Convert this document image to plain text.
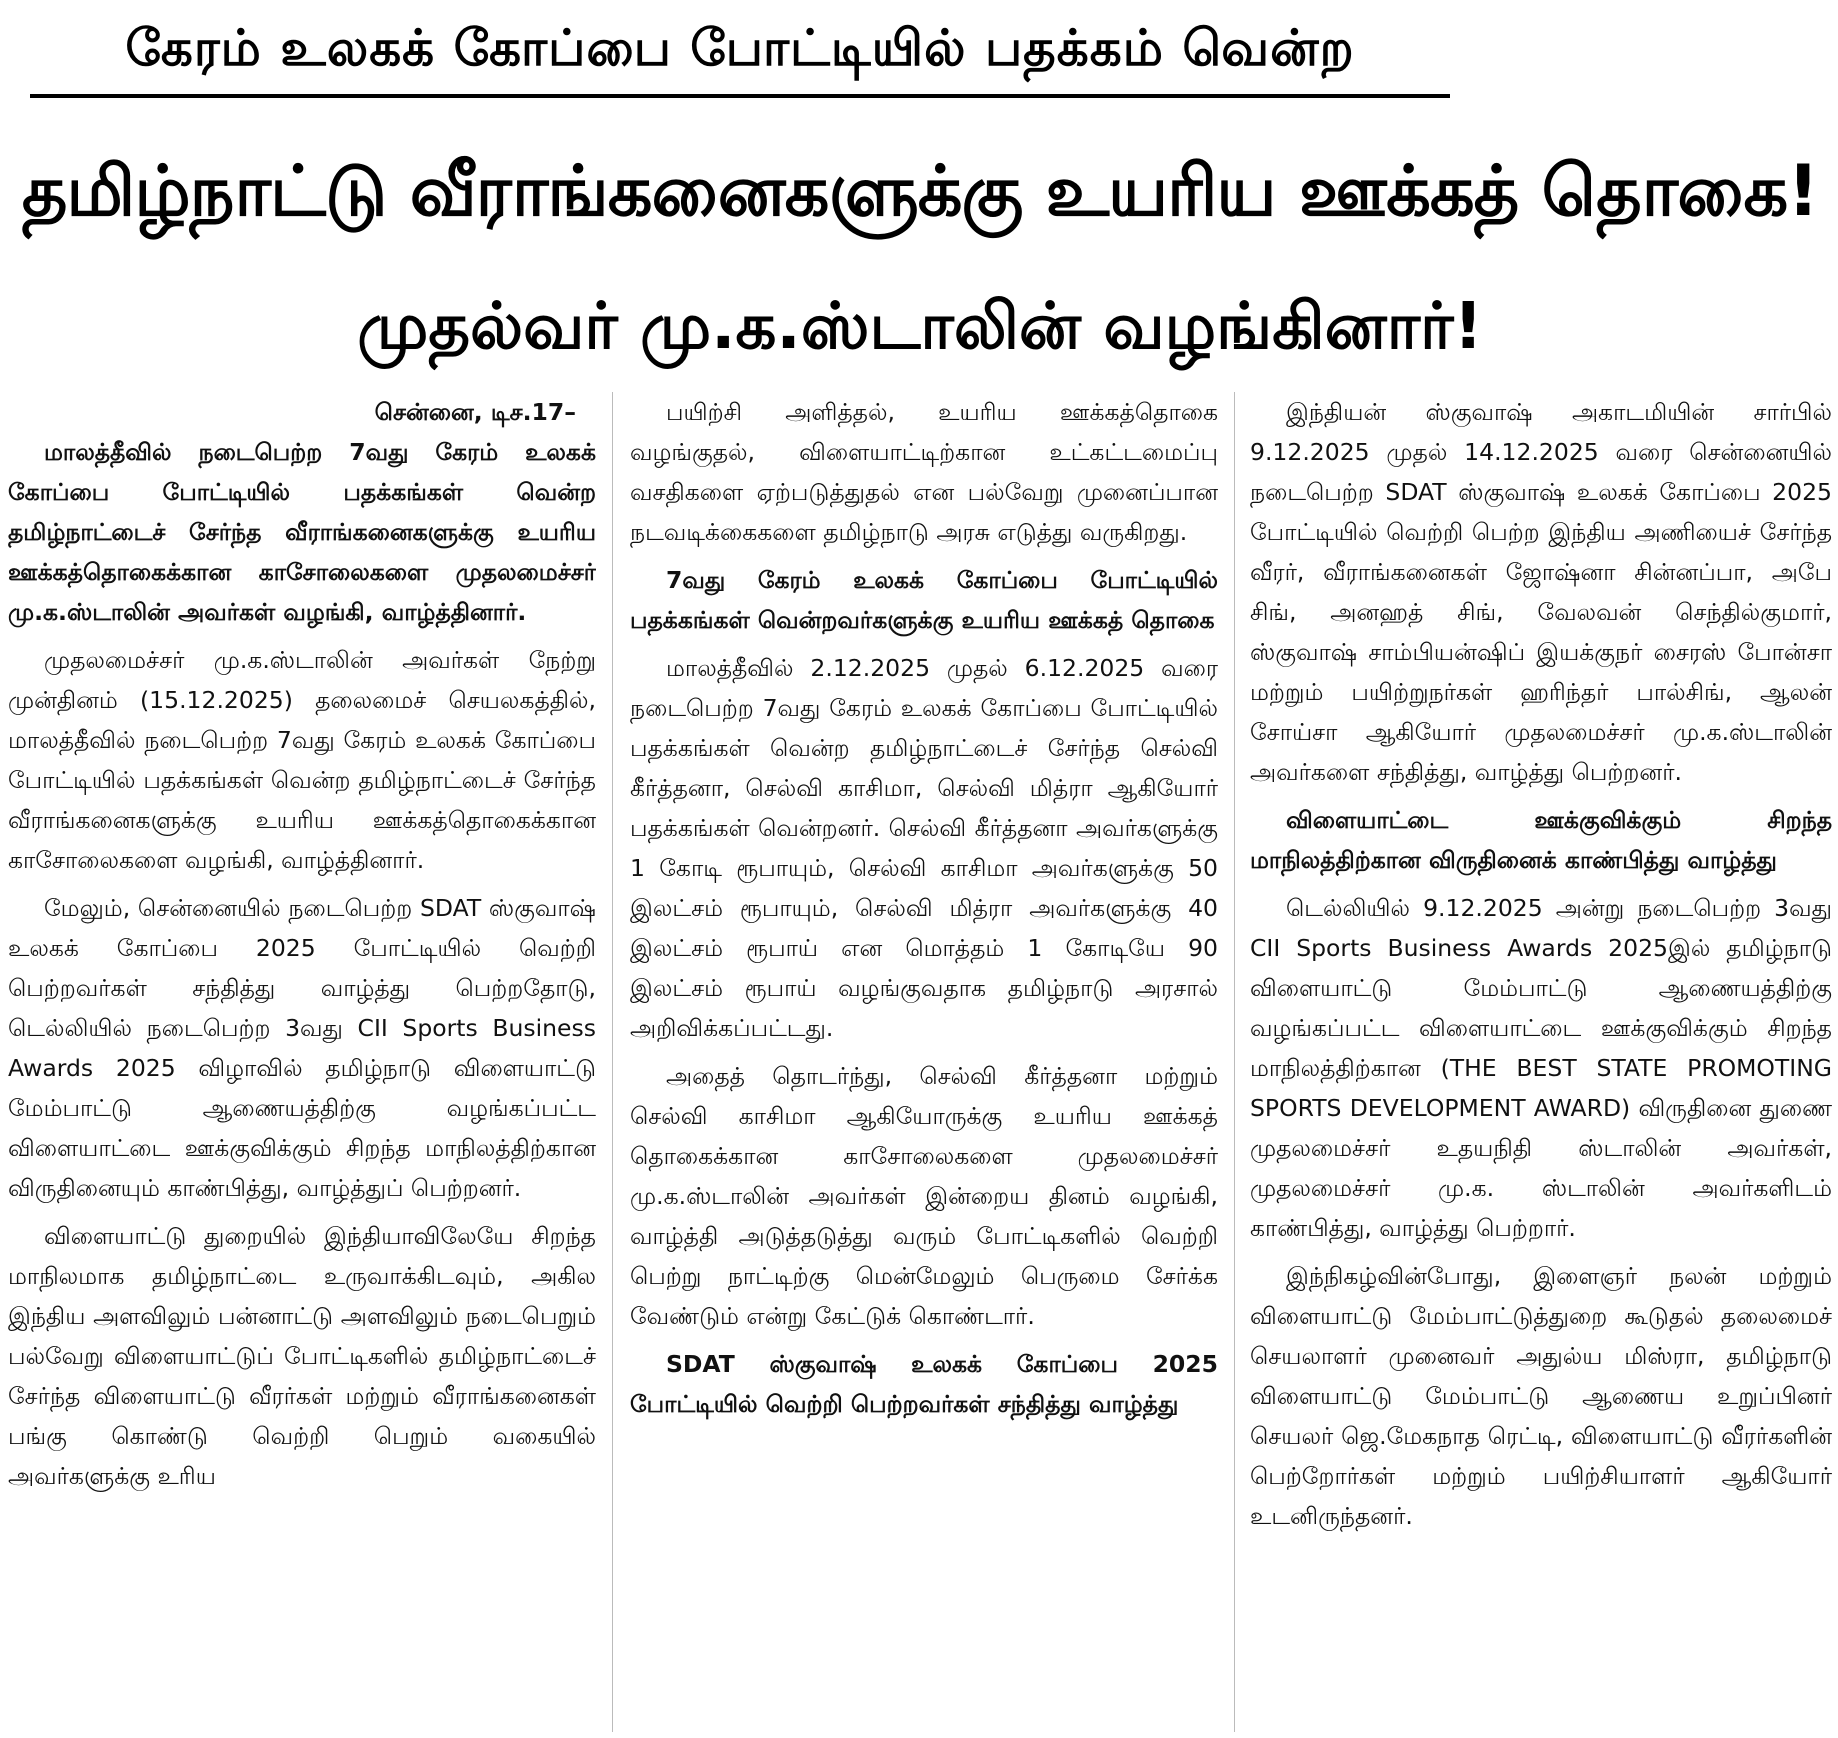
கேரம் உலகக் கோப்பை போட்டியில் பதக்கம் வென்ற
தமிழ்நாட்டு வீராங்கனைகளுக்கு உயரிய ஊக்கத் தொகை!
முதல்வர் மு.க.ஸ்டாலின் வழங்கினார்!

சென்னை, டிச.17–

மாலத்தீவில் நடைபெற்ற 7வது கேரம் உலகக் கோப்பை போட்டியில் பதக்கங்கள் வென்ற தமிழ்நாட்டைச் சேர்ந்த வீராங்கனைகளுக்கு உயரிய ஊக்கத்தொகைக்கான காசோலைகளை முதலமைச்சர் மு.க.ஸ்டாலின் அவர்கள் வழங்கி, வாழ்த்தினார்.

முதலமைச்சர் மு.க.ஸ்டாலின் அவர்கள் நேற்று முன்தினம் (15.12.2025) தலைமைச் செயலகத்தில், மாலத்தீவில் நடைபெற்ற 7வது கேரம் உலகக் கோப்பை போட்டியில் பதக்கங்கள் வென்ற தமிழ்நாட்டைச் சேர்ந்த வீராங்கனைகளுக்கு உயரிய ஊக்கத்தொகைக்கான காசோலைகளை வழங்கி, வாழ்த்தினார்.

மேலும், சென்னையில் நடைபெற்ற SDAT ஸ்குவாஷ் உலகக் கோப்பை 2025 போட்டியில் வெற்றி பெற்றவர்கள் சந்தித்து வாழ்த்து பெற்றதோடு, டெல்லியில் நடைபெற்ற 3வது CII Sports Business Awards 2025 விழாவில் தமிழ்நாடு விளையாட்டு மேம்பாட்டு ஆணையத்திற்கு வழங்கப்பட்ட விளையாட்டை ஊக்குவிக்கும் சிறந்த மாநிலத்திற்கான விருதினையும் காண்பித்து, வாழ்த்துப் பெற்றனர்.

விளையாட்டு துறையில் இந்தியாவிலேயே சிறந்த மாநிலமாக தமிழ்நாட்டை உருவாக்கிடவும், அகில இந்திய அளவிலும் பன்னாட்டு அளவிலும் நடைபெறும் பல்வேறு விளையாட்டுப் போட்டிகளில் தமிழ்நாட்டைச் சேர்ந்த விளையாட்டு வீரர்கள் மற்றும் வீராங்கனைகள் பங்கு கொண்டு வெற்றி பெறும் வகையில் அவர்களுக்கு உரிய

பயிற்சி அளித்தல், உயரிய ஊக்கத்தொகை வழங்குதல், விளையாட்டிற்கான உட்கட்டமைப்பு வசதிகளை ஏற்படுத்துதல் என பல்வேறு முனைப்பான நடவடிக்கைகளை தமிழ்நாடு அரசு எடுத்து வருகிறது.

7வது கேரம் உலகக் கோப்பை போட்டியில் பதக்கங்கள் வென்றவர்களுக்கு உயரிய ஊக்கத் தொகை

மாலத்தீவில் 2.12.2025 முதல் 6.12.2025 வரை நடைபெற்ற 7வது கேரம் உலகக் கோப்பை போட்டியில் பதக்கங்கள் வென்ற தமிழ்நாட்டைச் சேர்ந்த செல்வி கீர்த்தனா, செல்வி காசிமா, செல்வி மித்ரா ஆகியோர் பதக்கங்கள் வென்றனர். செல்வி கீர்த்தனா அவர்களுக்கு 1 கோடி ரூபாயும், செல்வி காசிமா அவர்களுக்கு 50 இலட்சம் ரூபாயும், செல்வி மித்ரா அவர்களுக்கு 40 இலட்சம் ரூபாய் என மொத்தம் 1 கோடியே 90 இலட்சம் ரூபாய் வழங்குவதாக தமிழ்நாடு அரசால் அறிவிக்கப்பட்டது.

அதைத் தொடர்ந்து, செல்வி கீர்த்தனா மற்றும் செல்வி காசிமா ஆகியோருக்கு உயரிய ஊக்கத் தொகைக்கான காசோலைகளை முதலமைச்சர் மு.க.ஸ்டாலின் அவர்கள் இன்றைய தினம் வழங்கி, வாழ்த்தி அடுத்தடுத்து வரும் போட்டிகளில் வெற்றி பெற்று நாட்டிற்கு மென்மேலும் பெருமை சேர்க்க வேண்டும் என்று கேட்டுக் கொண்டார்.

SDAT ஸ்குவாஷ் உலகக் கோப்பை 2025 போட்டியில் வெற்றி பெற்றவர்கள் சந்தித்து வாழ்த்து

இந்தியன் ஸ்குவாஷ் அகாடமியின் சார்பில் 9.12.2025 முதல் 14.12.2025 வரை சென்னையில் நடைபெற்ற SDAT ஸ்குவாஷ் உலகக் கோப்பை 2025 போட்டியில் வெற்றி பெற்ற இந்திய அணியைச் சேர்ந்த வீரர், வீராங்கனைகள் ஜோஷ்னா சின்னப்பா, அபே சிங், அனஹத் சிங், வேலவன் செந்தில்குமார், ஸ்குவாஷ் சாம்பியன்ஷிப் இயக்குநர் சைரஸ் போன்சா மற்றும் பயிற்றுநர்கள் ஹரிந்தர் பால்சிங், ஆலன் சோய்சா ஆகியோர் முதலமைச்சர் மு.க.ஸ்டாலின் அவர்களை சந்தித்து, வாழ்த்து பெற்றனர்.

விளையாட்டை ஊக்குவிக்கும் சிறந்த மாநிலத்திற்கான விருதினைக் காண்பித்து வாழ்த்து

டெல்லியில் 9.12.2025 அன்று நடைபெற்ற 3வது CII Sports Business Awards 2025இல் தமிழ்நாடு விளையாட்டு மேம்பாட்டு ஆணையத்திற்கு வழங்கப்பட்ட விளையாட்டை ஊக்குவிக்கும் சிறந்த மாநிலத்திற்கான (THE BEST STATE PROMOTING SPORTS DEVELOPMENT AWARD) விருதினை துணை முதலமைச்சர் உதயநிதி ஸ்டாலின் அவர்கள், முதலமைச்சர் மு.க. ஸ்டாலின் அவர்களிடம் காண்பித்து, வாழ்த்து பெற்றார்.

இந்நிகழ்வின்போது, இளைஞர் நலன் மற்றும் விளையாட்டு மேம்பாட்டுத்துறை கூடுதல் தலைமைச் செயலாளர் முனைவர் அதுல்ய மிஸ்ரா, தமிழ்நாடு விளையாட்டு மேம்பாட்டு ஆணைய உறுப்பினர் செயலர் ஜெ.மேகநாத ரெட்டி, விளையாட்டு வீரர்களின் பெற்றோர்கள் மற்றும் பயிற்சியாளர் ஆகியோர் உடனிருந்தனர்.
